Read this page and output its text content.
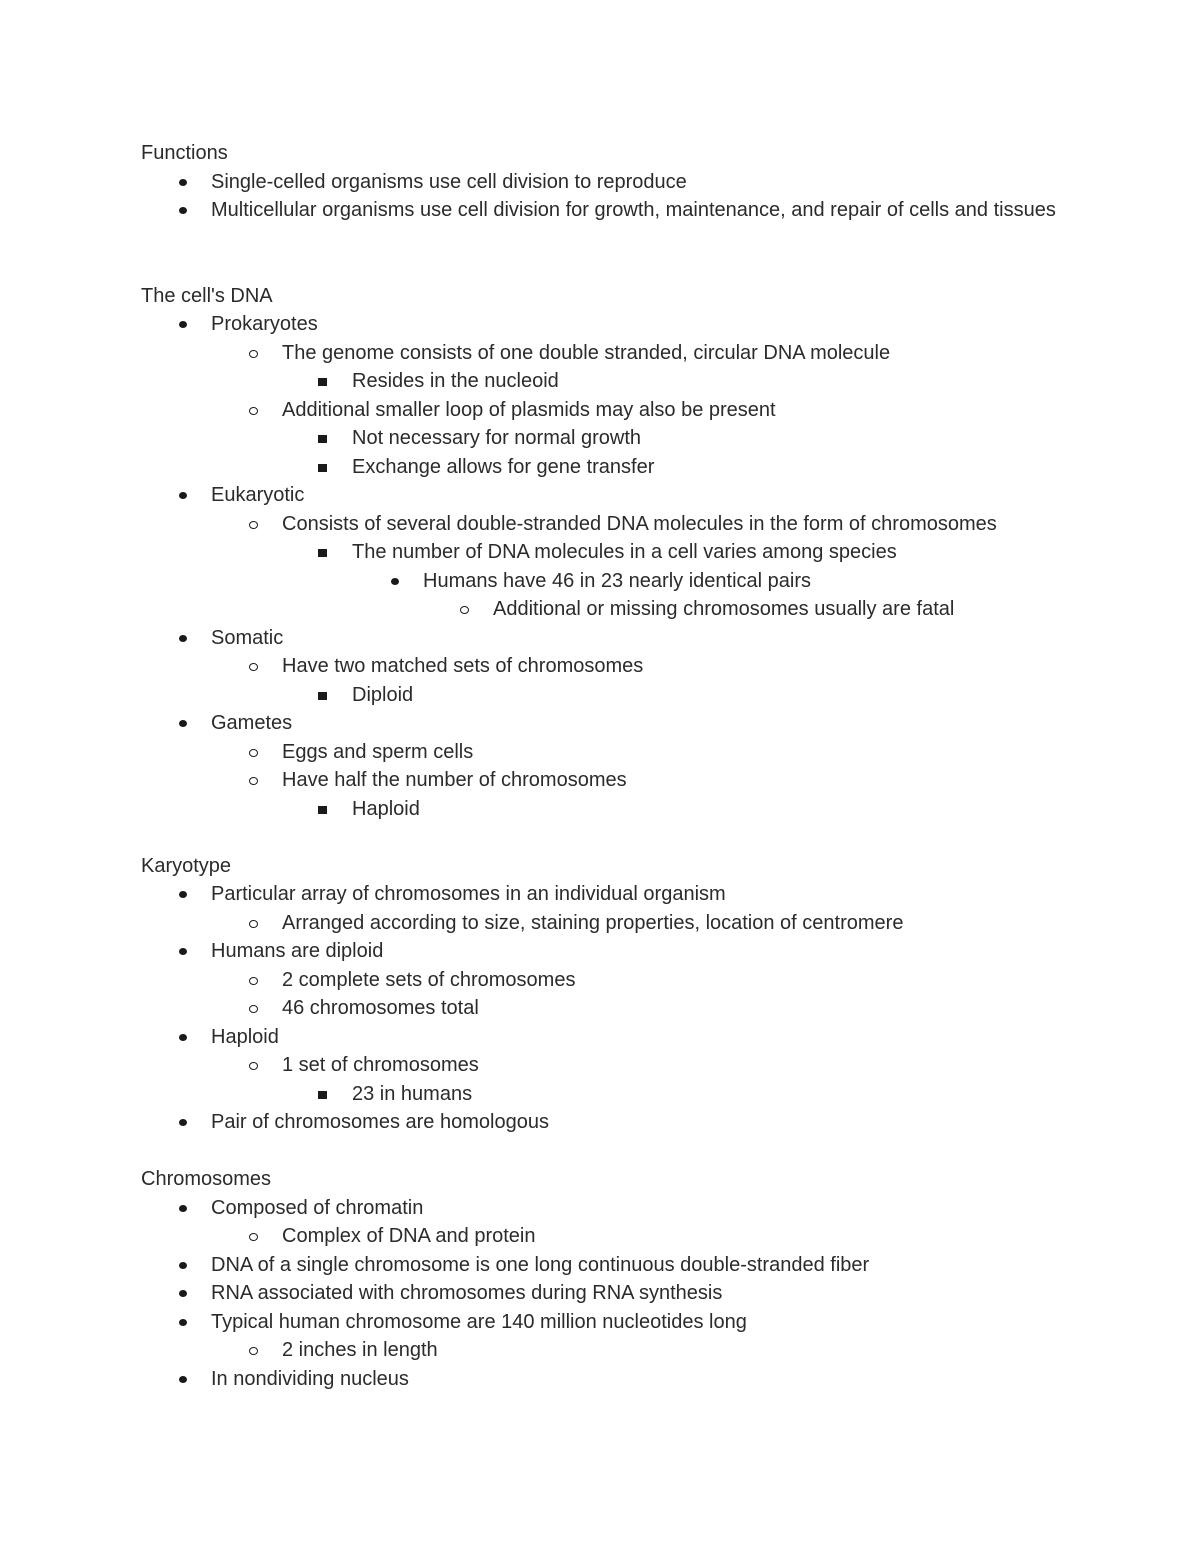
Functions
Single-celled organisms use cell division to reproduce
Multicellular organisms use cell division for growth, maintenance, and repair of cells and tissues
The cell's DNA
Prokaryotes
The genome consists of one double stranded, circular DNA molecule
Resides in the nucleoid
Additional smaller loop of plasmids may also be present
Not necessary for normal growth
Exchange allows for gene transfer
Eukaryotic
Consists of several double-stranded DNA molecules in the form of chromosomes
The number of DNA molecules in a cell varies among species
Humans have 46 in 23 nearly identical pairs
Additional or missing chromosomes usually are fatal
Somatic
Have two matched sets of chromosomes
Diploid
Gametes
Eggs and sperm cells
Have half the number of chromosomes
Haploid
Karyotype
Particular array of chromosomes in an individual organism
Arranged according to size, staining properties, location of centromere
Humans are diploid
2 complete sets of chromosomes
46 chromosomes total
Haploid
1 set of chromosomes
23 in humans
Pair of chromosomes are homologous
Chromosomes
Composed of chromatin
Complex of DNA and protein
DNA of a single chromosome is one long continuous double-stranded fiber
RNA associated with chromosomes during RNA synthesis
Typical human chromosome are 140 million nucleotides long
2 inches in length
In nondividing nucleus
